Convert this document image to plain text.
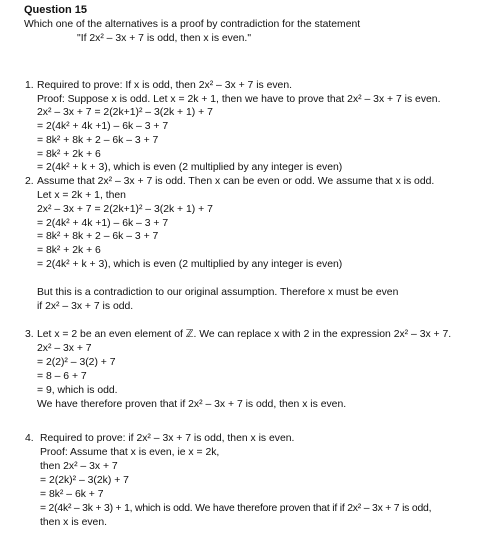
Question 15
Which one of the alternatives is a proof by contradiction for the statement
"If 2x² – 3x + 7 is odd, then x is even."
1. Required to prove: If x is odd, then 2x² – 3x + 7 is even.
Proof: Suppose x is odd. Let x = 2k + 1, then we have to prove that 2x² – 3x + 7 is even.
2x² – 3x + 7 = 2(2k+1)² – 3(2k + 1) + 7
= 2(4k² + 4k +1) – 6k – 3 + 7
= 8k² + 8k + 2 – 6k – 3 + 7
= 8k² + 2k + 6
= 2(4k² + k + 3), which is even (2 multiplied by any integer is even)
2. Assume that 2x² – 3x + 7 is odd. Then x can be even or odd. We assume that x is odd.
Let x = 2k + 1, then
2x² – 3x + 7 = 2(2k+1)² – 3(2k + 1) + 7
= 2(4k² + 4k +1) – 6k – 3 + 7
= 8k² + 8k + 2 – 6k – 3 + 7
= 8k² + 2k + 6
= 2(4k² + k + 3), which is even (2 multiplied by any integer is even)
But this is a contradiction to our original assumption. Therefore x must be even
if 2x² – 3x + 7 is odd.
3. Let x = 2 be an even element of ℤ. We can replace x with 2 in the expression 2x² – 3x + 7.
2x² – 3x + 7
= 2(2)² – 3(2) + 7
= 8 – 6 + 7
= 9, which is odd.
We have therefore proven that if 2x² – 3x + 7 is odd, then x is even.
4. Required to prove: if 2x² – 3x + 7 is odd, then x is even.
Proof: Assume that x is even, ie x = 2k,
then 2x² – 3x + 7
= 2(2k)² – 3(2k) + 7
= 8k² – 6k + 7
= 2(4k² – 3k + 3) + 1, which is odd. We have therefore proven that if if 2x² – 3x + 7 is odd,
then x is even.
